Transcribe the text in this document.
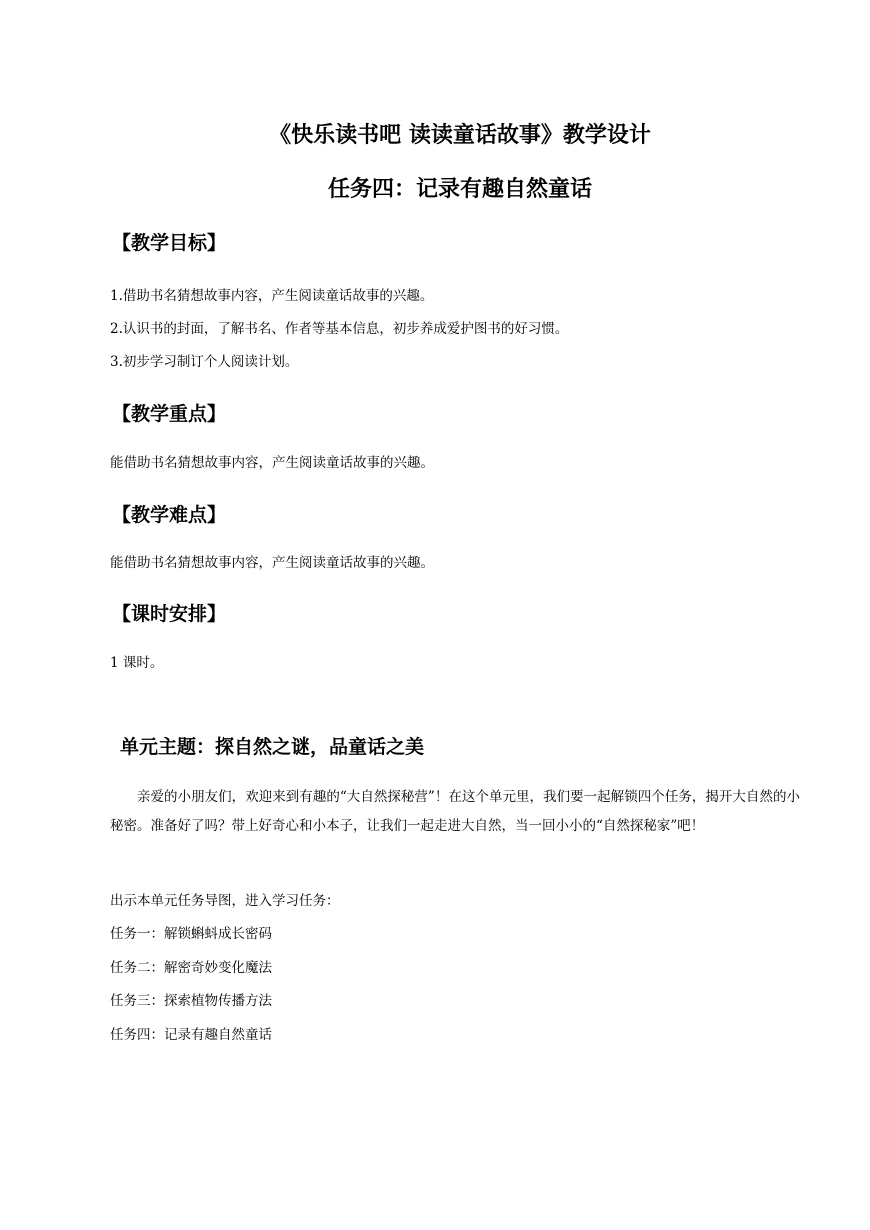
《快乐读书吧 读读童话故事》教学设计
任务四：记录有趣自然童话
【教学目标】
1.借助书名猜想故事内容，产生阅读童话故事的兴趣。
2.认识书的封面，了解书名、作者等基本信息，初步养成爱护图书的好习惯。
3.初步学习制订个人阅读计划。
【教学重点】
能借助书名猜想故事内容，产生阅读童话故事的兴趣。
【教学难点】
能借助书名猜想故事内容，产生阅读童话故事的兴趣。
【课时安排】
1 课时。
单元主题：探自然之谜，品童话之美
亲爱的小朋友们，欢迎来到有趣的“大自然探秘营”！在这个单元里，我们要一起解锁四个任务，揭开大自然的小秘密。准备好了吗？带上好奇心和小本子，让我们一起走进大自然，当一回小小的“自然探秘家”吧！
出示本单元任务导图，进入学习任务：
任务一：解锁蝌蚪成长密码
任务二：解密奇妙变化魔法
任务三：探索植物传播方法
任务四：记录有趣自然童话
